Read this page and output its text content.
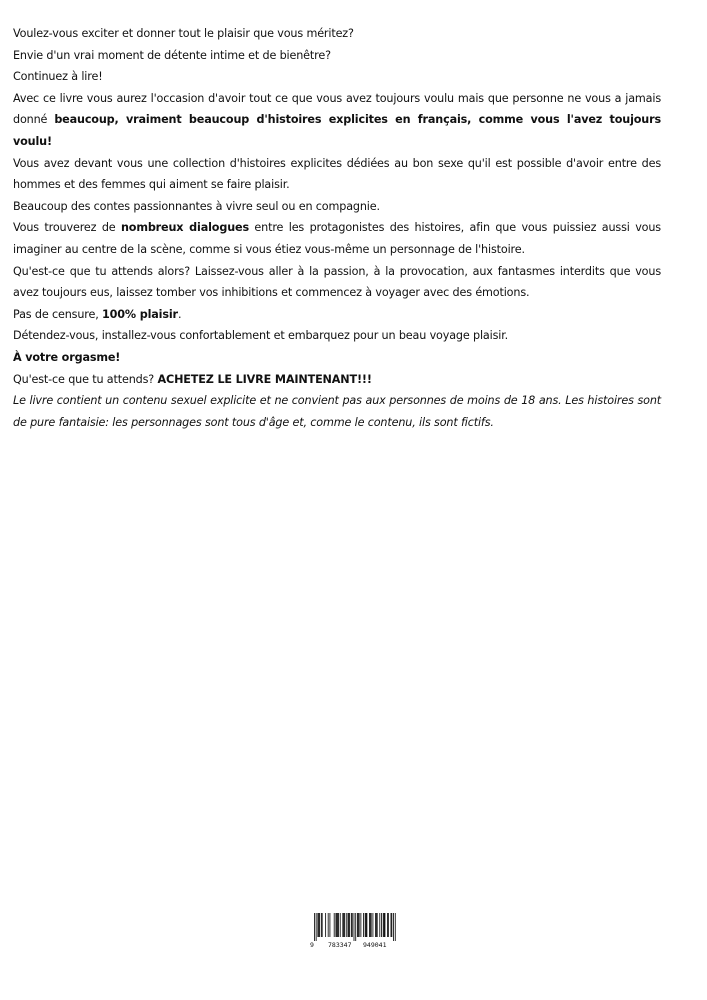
Voulez-vous exciter et donner tout le plaisir que vous méritez?

Envie d'un vrai moment de détente intime et de bienêtre?

Continuez à lire!

Avec ce livre vous aurez l'occasion d'avoir tout ce que vous avez toujours voulu mais que personne ne vous a jamais donné beaucoup, vraiment beaucoup d'histoires explicites en français, comme vous l'avez toujours voulu!

Vous avez devant vous une collection d'histoires explicites dédiées au bon sexe qu'il est possible d'avoir entre des hommes et des femmes qui aiment se faire plaisir.

Beaucoup des contes passionnantes à vivre seul ou en compagnie.

Vous trouverez de nombreux dialogues entre les protagonistes des histoires, afin que vous puissiez aussi vous imaginer au centre de la scène, comme si vous étiez vous-même un personnage de l'histoire.

Qu'est-ce que tu attends alors? Laissez-vous aller à la passion, à la provocation, aux fantasmes interdits que vous avez toujours eus, laissez tomber vos inhibitions et commencez à voyager avec des émotions.

Pas de censure, 100% plaisir.

Détendez-vous, installez-vous confortablement et embarquez pour un beau voyage plaisir.

À votre orgasme!

Qu'est-ce que tu attends? ACHETEZ LE LIVRE MAINTENANT!!!

Le livre contient un contenu sexuel explicite et ne convient pas aux personnes de moins de 18 ans. Les histoires sont de pure fantaisie: les personnages sont tous d'âge et, comme le contenu, ils sont fictifs.

9 783347 949041
